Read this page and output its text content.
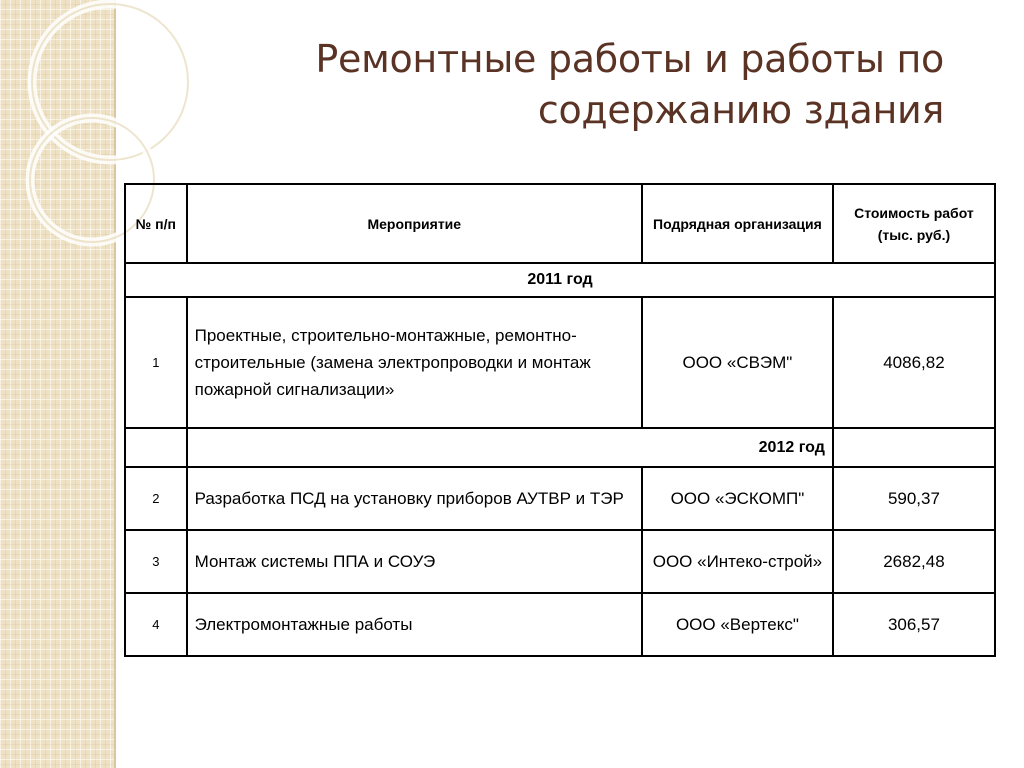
Ремонтные работы и работы по содержанию здания
№ п/п	Мероприятие	Подрядная организация	Стоимость работ (тыс. руб.)
2011 год			
1	Проектные, строительно-монтажные, ремонтно-строительные (замена электропроводки и монтаж пожарной сигнализации»	ООО «СВЭМ"	4086,82
	2012 год		
2	Разработка ПСД на установку приборов АУТВР и ТЭР	ООО «ЭСКОМП"	590,37
3	Монтаж системы ППА и СОУЭ	ООО «Интеко-строй»	2682,48
4	Электромонтажные работы	ООО «Вертекс"	306,57
